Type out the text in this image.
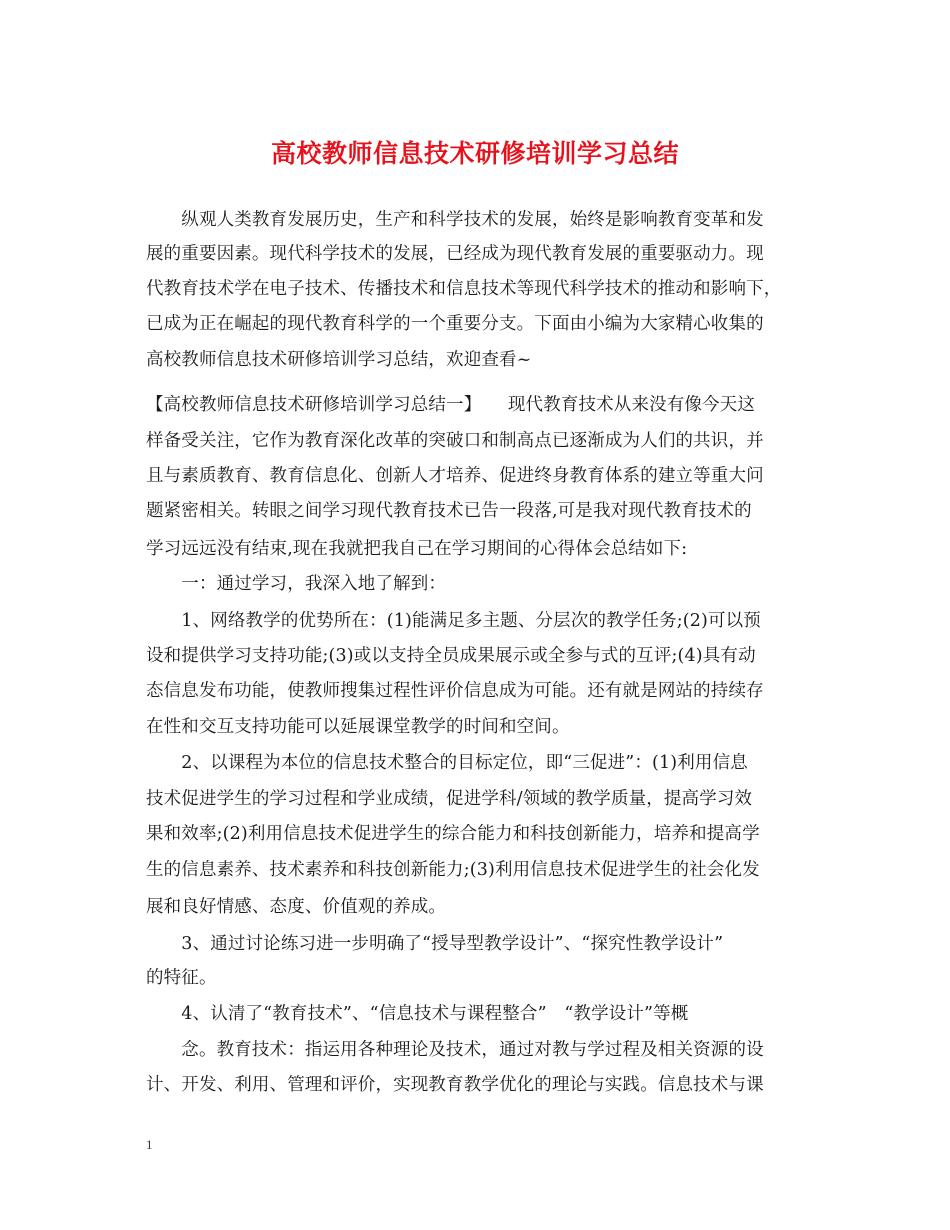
高校教师信息技术研修培训学习总结
　　纵观人类教育发展历史，生产和科学技术的发展，始终是影响教育变革和发
展的重要因素。现代科学技术的发展，已经成为现代教育发展的重要驱动力。现
代教育技术学在电子技术、传播技术和信息技术等现代科学技术的推动和影响下，
已成为正在崛起的现代教育科学的一个重要分支。下面由小编为大家精心收集的
高校教师信息技术研修培训学习总结，欢迎查看~
【高校教师信息技术研修培训学习总结一】　　现代教育技术从来没有像今天这
样备受关注，它作为教育深化改革的突破口和制高点已逐渐成为人们的共识，并
且与素质教育、教育信息化、创新人才培养、促进终身教育体系的建立等重大问
题紧密相关。转眼之间学习现代教育技术已告一段落,可是我对现代教育技术的
学习远远没有结束,现在我就把我自己在学习期间的心得体会总结如下:
　　一：通过学习，我深入地了解到：
　　1、网络教学的优势所在：(1)能满足多主题、分层次的教学任务;(2)可以预
设和提供学习支持功能;(3)或以支持全员成果展示或全参与式的互评;(4)具有动
态信息发布功能，使教师搜集过程性评价信息成为可能。还有就是网站的持续存
在性和交互支持功能可以延展课堂教学的时间和空间。
　　2、以课程为本位的信息技术整合的目标定位，即“三促进”：(1)利用信息
技术促进学生的学习过程和学业成绩，促进学科/领域的教学质量，提高学习效
果和效率;(2)利用信息技术促进学生的综合能力和科技创新能力，培养和提高学
生的信息素养、技术素养和科技创新能力;(3)利用信息技术促进学生的社会化发
展和良好情感、态度、价值观的养成。
　　3、通过讨论练习进一步明确了“授导型教学设计”、“探究性教学设计”
的特征。
　　4、认清了“教育技术”、“信息技术与课程整合”　“教学设计”等概
　　念。教育技术：指运用各种理论及技术，通过对教与学过程及相关资源的设
计、开发、利用、管理和评价，实现教育教学优化的理论与实践。信息技术与课
1
